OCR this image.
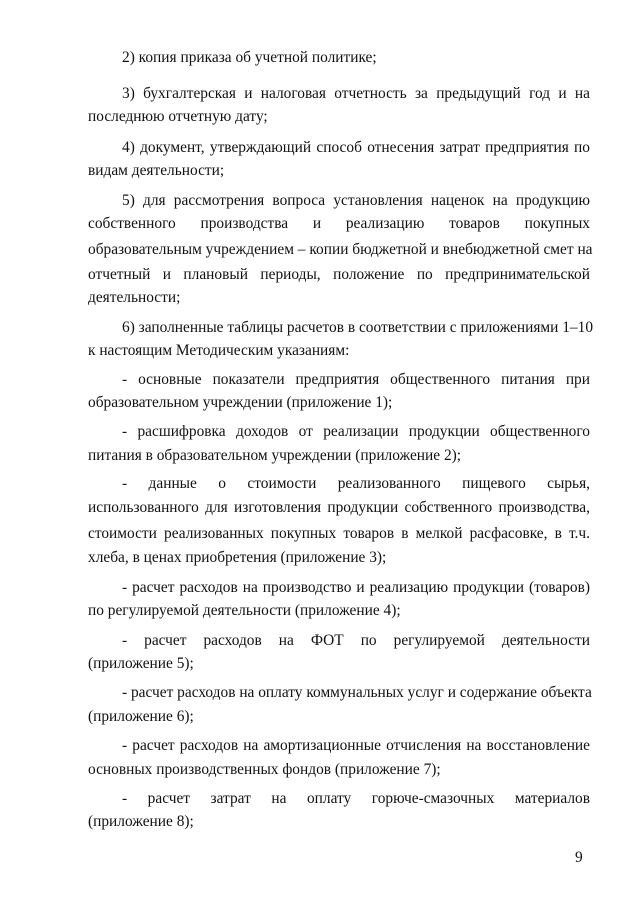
2) копия приказа об учетной политике;
3) бухгалтерская и налоговая отчетность за предыдущий год и на
последнюю отчетную дату;
4) документ, утверждающий способ отнесения затрат предприятия по
видам деятельности;
5) для рассмотрения вопроса установления наценок на продукцию
собственного производства и реализацию товаров покупных
образовательным учреждением – копии бюджетной и внебюджетной смет на
отчетный и плановый периоды, положение по предпринимательской
деятельности;
6) заполненные таблицы расчетов в соответствии с приложениями 1–10
к настоящим Методическим указаниям:
- основные показатели предприятия общественного питания при
образовательном учреждении (приложение 1);
- расшифровка доходов от реализации продукции общественного
питания в образовательном учреждении (приложение 2);
- данные о стоимости реализованного пищевого сырья,
использованного для изготовления продукции собственного производства,
стоимости реализованных покупных товаров в мелкой расфасовке, в т.ч.
хлеба, в ценах приобретения (приложение 3);
- расчет расходов на производство и реализацию продукции (товаров)
по регулируемой деятельности (приложение 4);
- расчет расходов на ФОТ по регулируемой деятельности
(приложение 5);
- расчет расходов на оплату коммунальных услуг и содержание объекта
(приложение 6);
- расчет расходов на амортизационные отчисления на восстановление
основных производственных фондов (приложение 7);
- расчет затрат на оплату горюче-смазочных материалов
(приложение 8);
9
